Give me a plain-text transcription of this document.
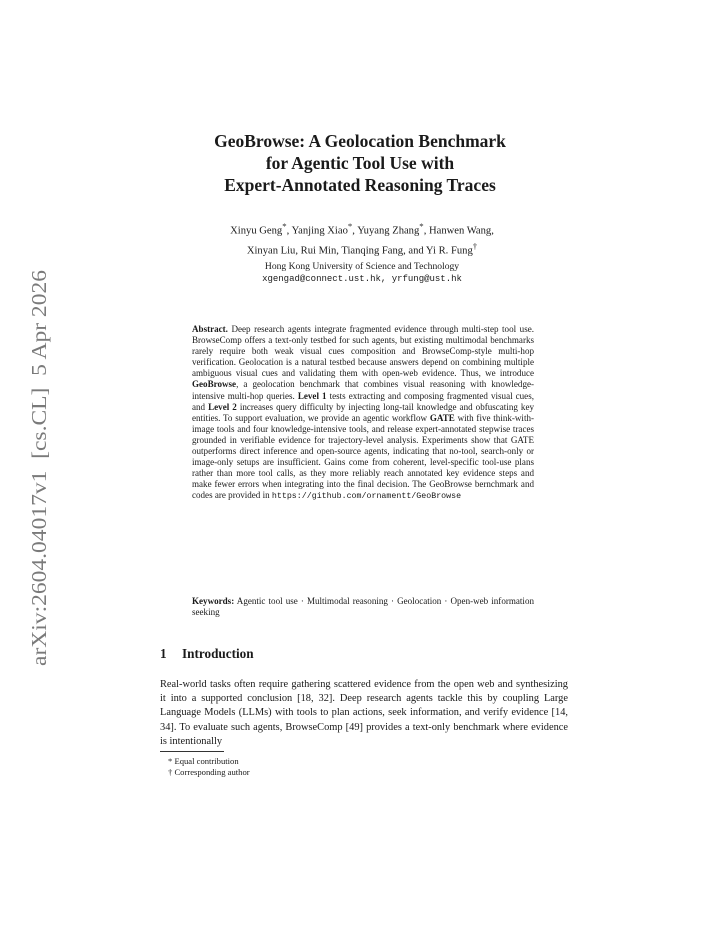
arXiv:2604.04017v1  [cs.CL]  5 Apr 2026
GeoBrowse: A Geolocation Benchmark
for Agentic Tool Use with
Expert-Annotated Reasoning Traces
Xinyu Geng*, Yanjing Xiao*, Yuyang Zhang*, Hanwen Wang,
Xinyan Liu, Rui Min, Tianqing Fang, and Yi R. Fung†
Hong Kong University of Science and Technology
xgengad@connect.ust.hk, yrfung@ust.hk

Abstract. Deep research agents integrate fragmented evidence through multi-step tool use. BrowseComp offers a text-only testbed for such agents, but existing multimodal benchmarks rarely require both weak visual cues composition and BrowseComp-style multi-hop verification. Geolocation is a natural testbed because answers depend on combining multiple ambiguous visual cues and validating them with open-web evidence. Thus, we introduce GeoBrowse, a geolocation benchmark that combines visual reasoning with knowledge-intensive multi-hop queries. Level 1 tests extracting and composing fragmented visual cues, and Level 2 increases query difficulty by injecting long-tail knowledge and obfuscating key entities. To support evaluation, we provide an agentic workflow GATE with five think-with-image tools and four knowledge-intensive tools, and release expert-annotated stepwise traces grounded in verifiable evidence for trajectory-level analysis. Experiments show that GATE outperforms direct inference and open-source agents, indicating that no-tool, search-only or image-only setups are insufficient. Gains come from coherent, level-specific tool-use plans rather than more tool calls, as they more reliably reach annotated key evidence steps and make fewer errors when integrating into the final decision. The GeoBrowse bernchmark and codes are provided in https://github.com/ornamentt/GeoBrowse

Keywords: Agentic tool use · Multimodal reasoning · Geolocation · Open-web information seeking
1 Introduction
Real-world tasks often require gathering scattered evidence from the open web and synthesizing it into a supported conclusion [18, 32]. Deep research agents tackle this by coupling Large Language Models (LLMs) with tools to plan actions, seek information, and verify evidence [14, 34]. To evaluate such agents, BrowseComp [49] provides a text-only benchmark where evidence is intentionally
* Equal contribution
† Corresponding author
